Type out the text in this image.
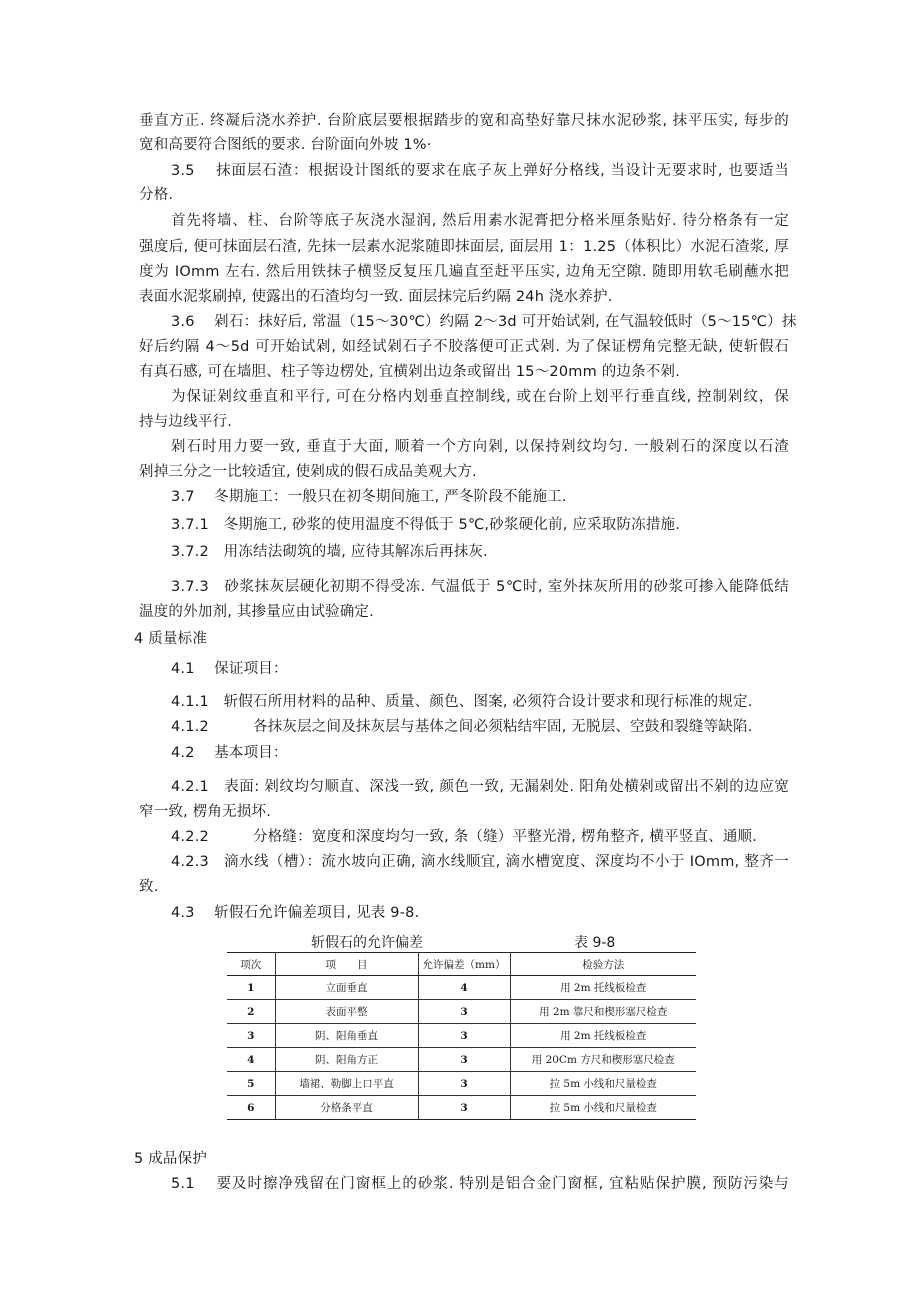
垂直方正. 终凝后浇水养护. 台阶底层要根据踏步的宽和高垫好靠尺抹水泥砂浆, 抹平压实, 每步的
宽和高要符合图纸的要求. 台阶面向外坡 1%·
3.5　 抹面层石渣：根据设计图纸的要求在底子灰上弹好分格线, 当设计无要求时, 也要适当
分格.
首先将墙、柱、台阶等底子灰浇水湿润, 然后用素水泥膏把分格米厘条贴好. 待分格条有一定
强度后, 便可抹面层石渣, 先抹一层素水泥浆随即抹面层, 面层用 1：1.25（体积比）水泥石渣浆, 厚
度为 IOmm 左右. 然后用铁抹子横竖反复压几遍直至赶平压实, 边角无空隙. 随即用软毛刷蘸水把
表面水泥浆刷掉, 使露出的石渣均匀一致. 面层抹完后约隔 24h 浇水养护.
3.6　 剁石：抹好后, 常温（15～30℃）约隔 2～3d 可开始试剁, 在气温较低时（5～15℃）抹
好后约隔 4～5d 可开始试剁, 如经试剁石子不胶落便可正式剁. 为了保证楞角完整无缺, 使斩假石
有真石感, 可在墙胆、柱子等边楞处, 宜横剁出边条或留出 15～20mm 的边条不剁.
为保证剁纹垂直和平行, 可在分格内划垂直控制线, 或在台阶上划平行垂直线, 控制剁纹，保
持与边线平行.
剁石时用力要一致, 垂直于大面, 顺着一个方向剁, 以保持剁纹均匀. 一般剁石的深度以石渣
剁掉三分之一比较适宜, 使剁成的假石成品美观大方.
3.7　 冬期施工：一般只在初冬期间施工, 严冬阶段不能施工.
3.7.1　冬期施工, 砂浆的使用温度不得低于 5℃,砂浆硬化前, 应采取防冻措施.
3.7.2　用冻结法砌筑的墙, 应待其解冻后再抹灰.
3.7.3　砂浆抹灰层硬化初期不得受冻. 气温低于 5℃时, 室外抹灰所用的砂浆可掺入能降低结
温度的外加剂, 其掺量应由试验确定.
4 质量标准
4.1　 保证项目：
4.1.1　斩假石所用材料的品种、质量、颜色、图案, 必须符合设计要求和现行标准的规定.
4.1.2　　　各抹灰层之间及抹灰层与基体之间必须粘结牢固, 无脱层、空鼓和裂缝等缺陷.
4.2　 基本项目：
4.2.1　表面: 剁纹均匀顺直、深浅一致, 颜色一致, 无漏剁处. 阳角处横剁或留出不剁的边应宽
窄一致, 楞角无损坏.
4.2.2　　　分格缝：宽度和深度均匀一致, 条（缝）平整光滑, 楞角整齐, 横平竖直、通顺.
4.2.3　滴水线（槽）：流水坡向正确, 滴水线顺宜, 滴水槽宽度、深度均不小于 IOmm, 整齐一
致.
4.3　 斩假石允许偏差项目, 见表 9-8.
斩假石的允许偏差	表 9-8
项次	项　　目	允许偏差（mm）	检验方法
1	立面垂直	4	用 2m 托线板检查
2	表面平整	3	用 2m 靠尺和楔形塞尺检查
3	阴、阳角垂直	3	用 2m 托线板检查
4	阴、阳角方正	3	用 20Cm 方尺和楔形塞尺检查
5	墙裙、勒脚上口平直	3	拉 5m 小线和尺量检查
6	分格条平直	3	拉 5m 小线和尺量检查
5 成品保护
5.1　 要及时擦净残留在门窗框上的砂浆. 特别是铝合金门窗框, 宜粘贴保护膜, 预防污染与
